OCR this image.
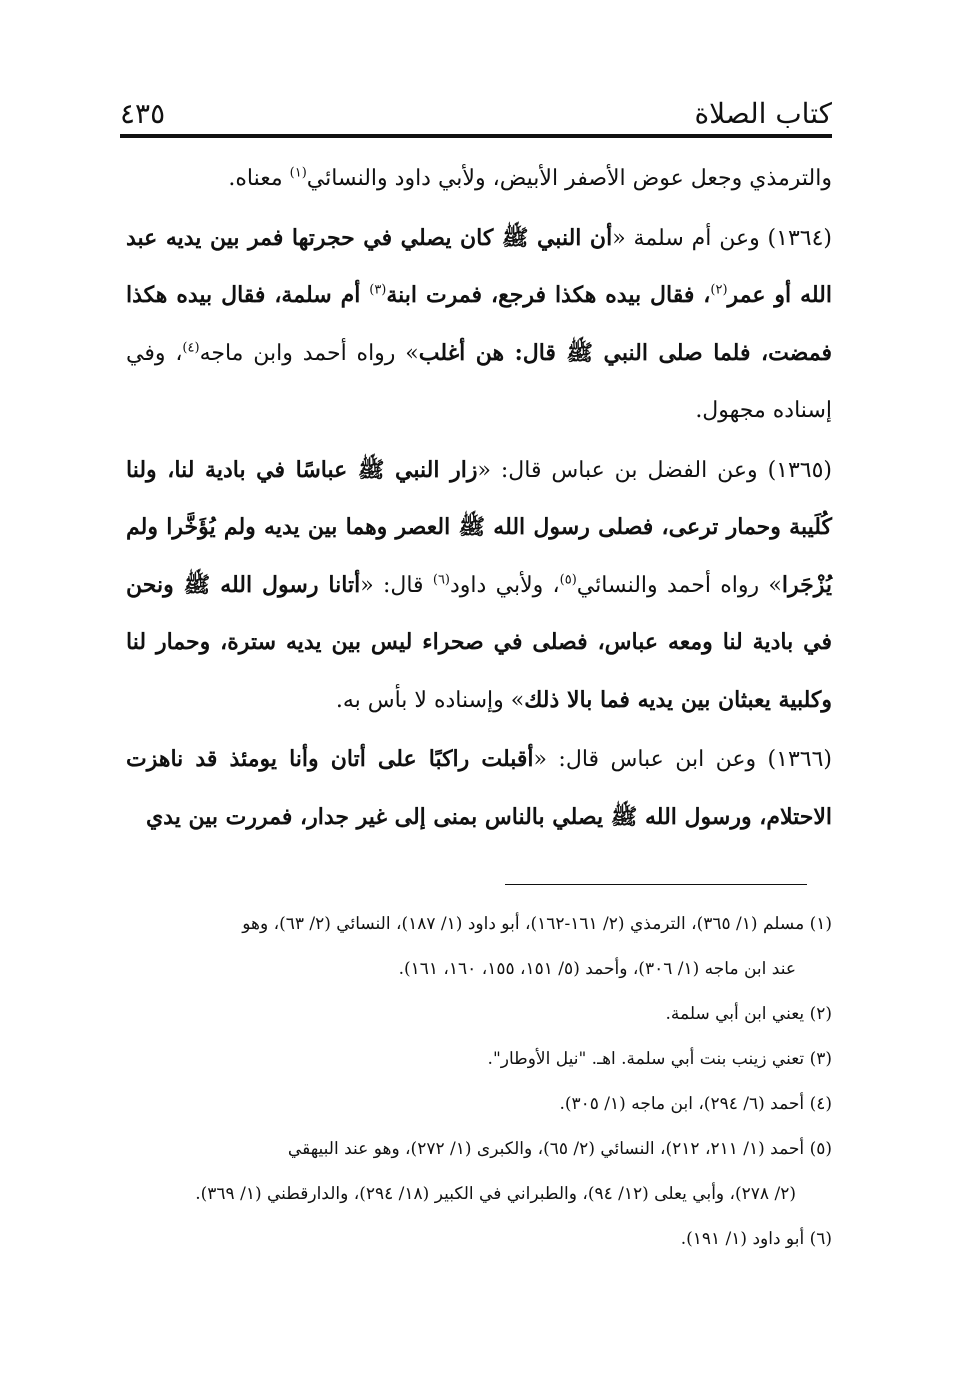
كتاب الصلاة
٤٣٥

والترمذي وجعل عوض الأصفر الأبيض، ولأبي داود والنسائي$^{(١)}$ معناه.

(١٣٦٤) وعن أم سلمة «أن النبي ﷺ كان يصلي في حجرتها فمر بين يديه عبد الله أو عمر$^{(٢)}$، فقال بيده هكذا فرجع، فمرت ابنة$^{(٣)}$ أم سلمة، فقال بيده هكذا فمضت، فلما صلى النبي ﷺ قال: هن أغلب» رواه أحمد وابن ماجه$^{(٤)}$، وفي إسناده مجهول.

(١٣٦٥) وعن الفضل بن عباس قال: «زار النبي ﷺ عباسًا في بادية لنا، ولنا كُلَيبة وحمار ترعى، فصلى رسول الله ﷺ العصر وهما بين يديه ولم يُؤَخَّرا ولم يُزْجَرا» رواه أحمد والنسائي$^{(٥)}$، ولأبي داود$^{(٦)}$ قال: «أتانا رسول الله ﷺ ونحن في بادية لنا ومعه عباس، فصلى في صحراء ليس بين يديه سترة، وحمار لنا وكلبية يعبثان بين يديه فما بالا ذلك» وإسناده لا بأس به.

(١٣٦٦) وعن ابن عباس قال: «أقبلت راكبًا على أتان وأنا يومئذ قد ناهزت الاحتلام، ورسول الله ﷺ يصلي بالناس بمنى إلى غير جدار، فمررت بين يدي

(١) مسلم (١/ ٣٦٥)، الترمذي (٢/ ١٦١-١٦٢)، أبو داود (١/ ١٨٧)، النسائي (٢/ ٦٣)، وهو
عند ابن ماجه (١/ ٣٠٦)، وأحمد (٥/ ١٥١، ١٥٥، ١٦٠، ١٦١).
(٢) يعني ابن أبي سلمة.
(٣) تعني زينب بنت أبي سلمة. اهـ. "نيل الأوطار".
(٤) أحمد (٦/ ٢٩٤)، ابن ماجه (١/ ٣٠٥).
(٥) أحمد (١/ ٢١١، ٢١٢)، النسائي (٢/ ٦٥)، والكبرى (١/ ٢٧٢)، وهو عند البيهقي
(٢/ ٢٧٨)، وأبي يعلى (١٢/ ٩٤)، والطبراني في الكبير (١٨/ ٢٩٤)، والدارقطني (١/ ٣٦٩).
(٦) أبو داود (١/ ١٩١).
